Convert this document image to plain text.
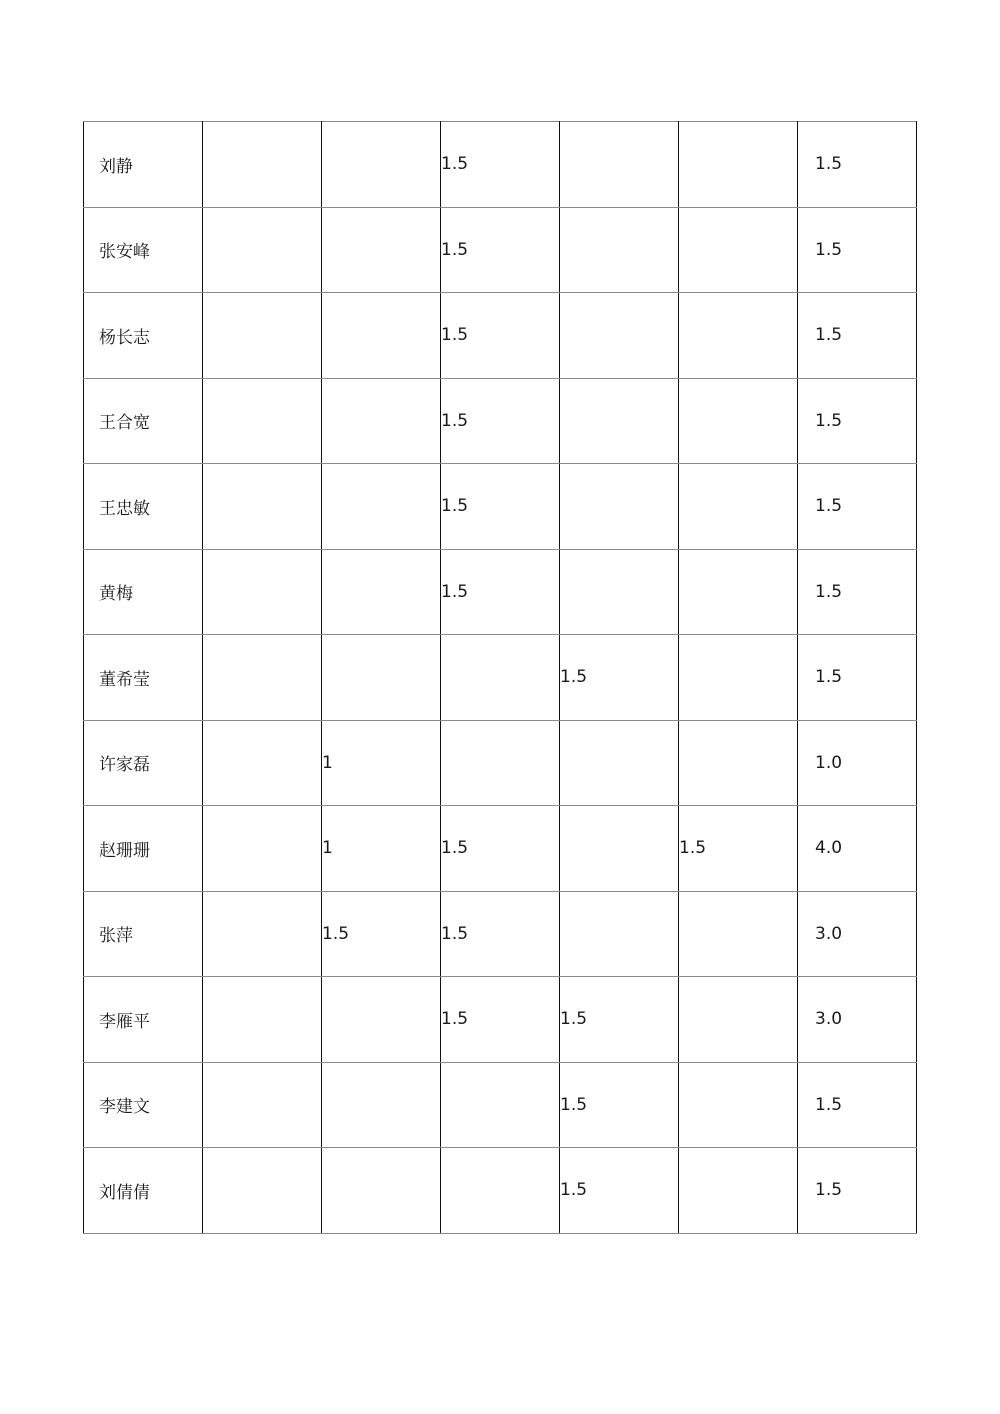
刘静			1.5			1.5
张安峰			1.5			1.5
杨长志			1.5			1.5
王合宽			1.5			1.5
王忠敏			1.5			1.5
黄梅			1.5			1.5
董希莹				1.5		1.5
许家磊		1				1.0
赵珊珊		1	1.5		1.5	4.0
张萍		1.5	1.5			3.0
李雁平			1.5	1.5		3.0
李建文				1.5		1.5
刘倩倩				1.5		1.5
